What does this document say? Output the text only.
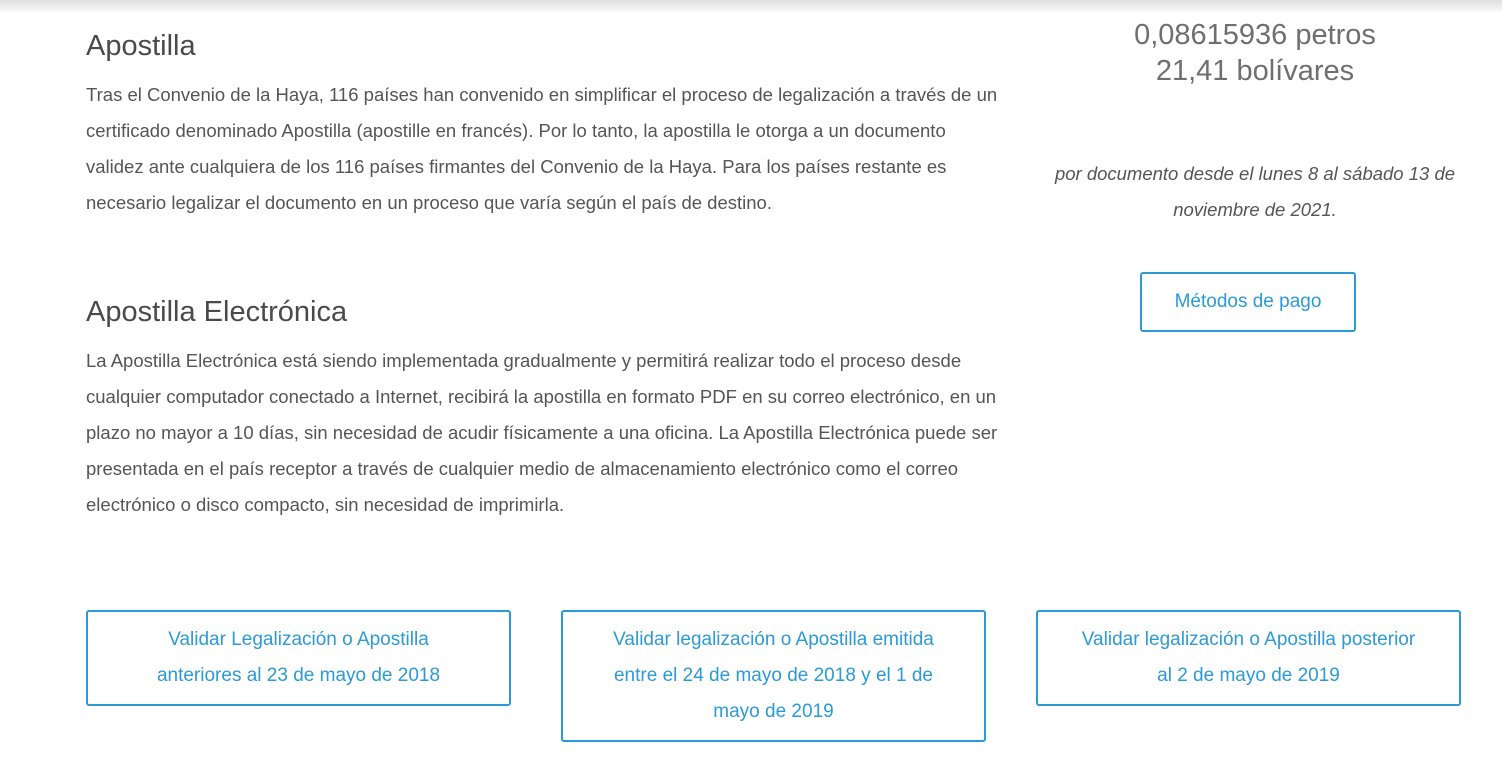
Apostilla

Tras el Convenio de la Haya, 116 países han convenido en simplificar el proceso de legalización a través de un certificado denominado Apostilla (apostille en francés). Por lo tanto, la apostilla le otorga a un documento validez ante cualquiera de los 116 países firmantes del Convenio de la Haya. Para los países restante es necesario legalizar el documento en un proceso que varía según el país de destino.

Apostilla Electrónica

La Apostilla Electrónica está siendo implementada gradualmente y permitirá realizar todo el proceso desde cualquier computador conectado a Internet, recibirá la apostilla en formato PDF en su correo electrónico, en un plazo no mayor a 10 días, sin necesidad de acudir físicamente a una oficina. La Apostilla Electrónica puede ser presentada en el país receptor a través de cualquier medio de almacenamiento electrónico como el correo electrónico o disco compacto, sin necesidad de imprimirla.

0,08615936 petros
21,41 bolívares

por documento desde el lunes 8 al sábado 13 de noviembre de 2021.

Métodos de pago
Validar Legalización o Apostilla anteriores al 23 de mayo de 2018
Validar legalización o Apostilla emitida entre el 24 de mayo de 2018 y el 1 de mayo de 2019
Validar legalización o Apostilla posterior al 2 de mayo de 2019
